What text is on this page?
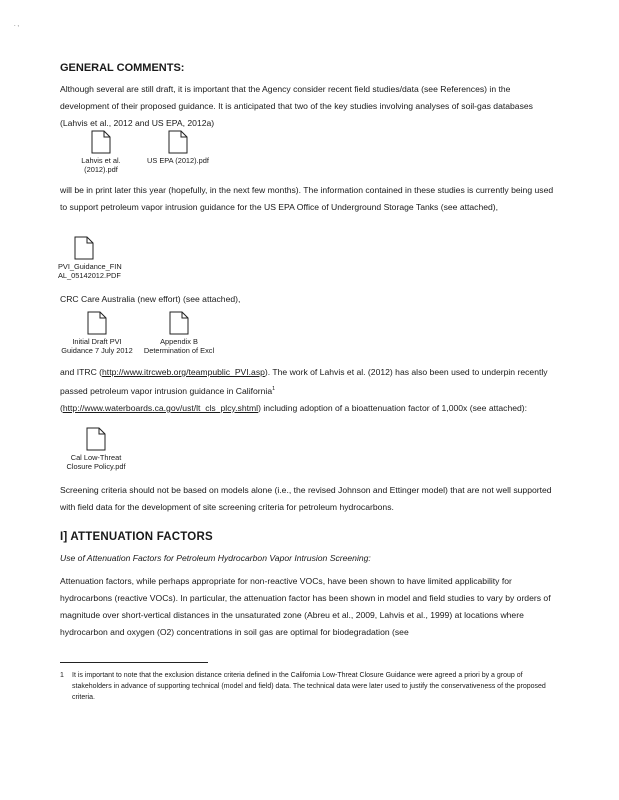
. ,
GENERAL COMMENTS:
Although several are still draft, it is important that the Agency consider recent field studies/data (see References) in the development of their proposed guidance. It is anticipated that two of the key studies involving analyses of soil-gas databases (Lahvis et al., 2012 and US EPA, 2012a)
Lahvis et al. (2012).pdf
US EPA (2012).pdf
will be in print later this year (hopefully, in the next few months). The information contained in these studies is currently being used to support petroleum vapor intrusion guidance for the US EPA Office of Underground Storage Tanks (see attached),
PVI_Guidance_FINAL_05142012.PDF
CRC Care Australia (new effort) (see attached),
Initial Draft PVI Guidance 7 July 2012
Appendix B Determination of Excl
and ITRC (http://www.itrcweb.org/teampublic_PVI.asp). The work of Lahvis et al. (2012) has also been used to underpin recently passed petroleum vapor intrusion guidance in California$^1$
(http://www.waterboards.ca.gov/ust/lt_cls_plcy.shtml) including adoption of a bioattenuation factor of 1,000x (see attached):
Cal Low-Threat Closure Policy.pdf
Screening criteria should not be based on models alone (i.e., the revised Johnson and Ettinger model) that are not well supported with field data for the development of site screening criteria for petroleum hydrocarbons.
I] ATTENUATION FACTORS
Use of Attenuation Factors for Petroleum Hydrocarbon Vapor Intrusion Screening:
Attenuation factors, while perhaps appropriate for non-reactive VOCs, have been shown to have limited applicability for hydrocarbons (reactive VOCs). In particular, the attenuation factor has been shown in model and field studies to vary by orders of magnitude over short-vertical distances in the unsaturated zone (Abreu et al., 2009, Lahvis et al., 1999) at locations where hydrocarbon and oxygen (O2) concentrations in soil gas are optimal for biodegradation (see
1	It is important to note that the exclusion distance criteria defined in the California Low-Threat Closure Guidance were agreed a priori by a group of stakeholders in advance of supporting technical (model and field) data. The technical data were later used to justify the conservativeness of the proposed criteria.
